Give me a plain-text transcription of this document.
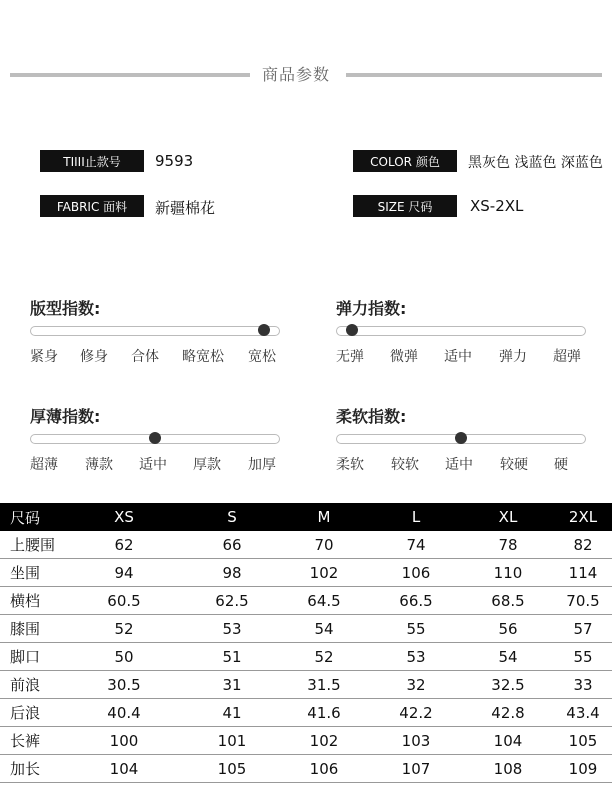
商品参数
TIIII止款号	9593	COLOR 颜色	黑灰色 浅蓝色 深蓝色
FABRIC 面料	新疆棉花	SIZE 尺码	XS-2XL
版型指数:
紧身 修身 合体 略宽松 宽松
弹力指数:
无弹 微弹 适中 弹力 超弹
厚薄指数:
超薄 薄款 适中 厚款 加厚
柔软指数:
柔软 较软 适中 较硬 硬
尺码	XS	S	M	L	XL	2XL
上腰围	62	66	70	74	78	82
坐围	94	98	102	106	110	114
横档	60.5	62.5	64.5	66.5	68.5	70.5
膝围	52	53	54	55	56	57
脚口	50	51	52	53	54	55
前浪	30.5	31	31.5	32	32.5	33
后浪	40.4	41	41.6	42.2	42.8	43.4
长裤	100	101	102	103	104	105
加长	104	105	106	107	108	109
